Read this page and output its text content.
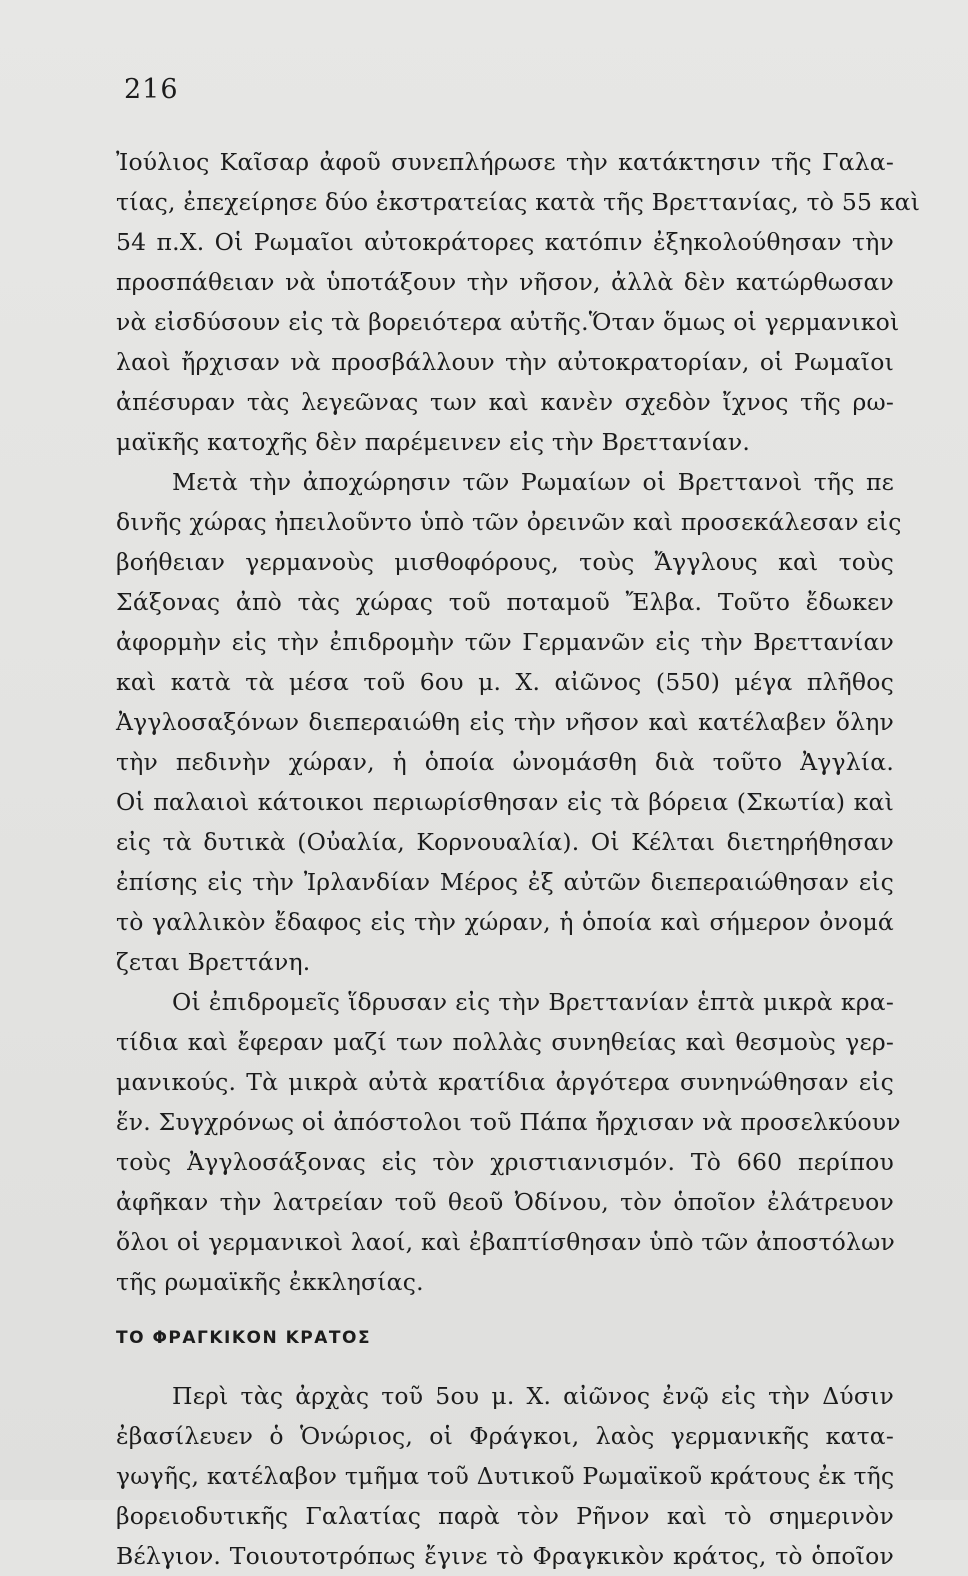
216
Ἰούλιος Καῖσαρ ἀφοῦ συνεπλήρωσε τὴν κατάκτησιν τῆς Γαλα-
τίας, ἐπεχείρησε δύο ἐκστρατείας κατὰ τῆς Βρεττανίας, τὸ 55 καὶ
54 π.Χ. Οἱ Ρωμαῖοι αὐτοκράτορες κατόπιν ἐξηκολούθησαν τὴν
προσπάθειαν νὰ ὑποτάξουν τὴν νῆσον, ἀλλὰ δὲν κατώρθωσαν
νὰ εἰσδύσουν εἰς τὰ βορειότερα αὐτῆς.Ὅταν ὅμως οἱ γερμανικοὶ
λαοὶ ἤρχισαν νὰ προσβάλλουν τὴν αὐτοκρατορίαν, οἱ Ρωμαῖοι
ἀπέσυραν τὰς λεγεῶνας των καὶ κανὲν σχεδὸν ἴχνος τῆς ρω-
μαϊκῆς κατοχῆς δὲν παρέμεινεν εἰς τὴν Βρεττανίαν.
Μετὰ τὴν ἀποχώρησιν τῶν Ρωμαίων οἱ Βρεττανοὶ τῆς πε
δινῆς χώρας ἠπειλοῦντο ὑπὸ τῶν ὀρεινῶν καὶ προσεκάλεσαν εἰς
βοήθειαν γερμανοὺς μισθοφόρους, τοὺς Ἄγγλους καὶ τοὺς
Σάξονας ἀπὸ τὰς χώρας τοῦ ποταμοῦ Ἔλβα. Τοῦτο ἔδωκεν
ἀφορμὴν εἰς τὴν ἐπιδρομὴν τῶν Γερμανῶν εἰς τὴν Βρεττανίαν
καὶ κατὰ τὰ μέσα τοῦ 6ου μ. Χ. αἰῶνος (550) μέγα πλῆθος
Ἀγγλοσαξόνων διεπεραιώθη εἰς τὴν νῆσον καὶ κατέλαβεν ὅλην
τὴν πεδινὴν χώραν, ἡ ὁποία ὠνομάσθη διὰ τοῦτο Ἀγγλία.
Οἱ παλαιοὶ κάτοικοι περιωρίσθησαν εἰς τὰ βόρεια (Σκωτία) καὶ
εἰς τὰ δυτικὰ (Οὐαλία, Κορνουαλία). Οἱ Κέλται διετηρήθησαν
ἐπίσης εἰς τὴν Ἰρλανδίαν Μέρος ἐξ αὐτῶν διεπεραιώθησαν εἰς
τὸ γαλλικὸν ἔδαφος εἰς τὴν χώραν, ἡ ὁποία καὶ σήμερον ὀνομά
ζεται Βρεττάνη.
Οἱ ἐπιδρομεῖς ἵδρυσαν εἰς τὴν Βρεττανίαν ἑπτὰ μικρὰ κρα-
τίδια καὶ ἔφεραν μαζί των πολλὰς συνηθείας καὶ θεσμοὺς γερ-
μανικούς. Τὰ μικρὰ αὐτὰ κρατίδια ἀργότερα συνηνώθησαν εἰς
ἕν. Συγχρόνως οἱ ἀπόστολοι τοῦ Πάπα ἤρχισαν νὰ προσελκύουν
τοὺς Ἀγγλοσάξονας εἰς τὸν χριστιανισμόν. Τὸ 660 περίπου
ἀφῆκαν τὴν λατρείαν τοῦ θεοῦ Ὀδίνου, τὸν ὁποῖον ἐλάτρευον
ὅλοι οἱ γερμανικοὶ λαοί, καὶ ἐβαπτίσθησαν ὑπὸ τῶν ἀποστόλων
τῆς ρωμαϊκῆς ἐκκλησίας.
ΤΟ ΦΡΑΓΚΙΚΟΝ ΚΡΑΤΟΣ
Περὶ τὰς ἀρχὰς τοῦ 5ου μ. Χ. αἰῶνος ἐνῷ εἰς τὴν Δύσιν
ἐβασίλευεν ὁ Ὁνώριος, οἱ Φράγκοι, λαὸς γερμανικῆς κατα-
γωγῆς, κατέλαβον τμῆμα τοῦ Δυτικοῦ Ρωμαϊκοῦ κράτους ἐκ τῆς
βορειοδυτικῆς Γαλατίας παρὰ τὸν Ρῆνον καὶ τὸ σημερινὸν
Βέλγιον. Τοιουτοτρόπως ἔγινε τὸ Φραγκικὸν κράτος, τὸ ὁποῖον
